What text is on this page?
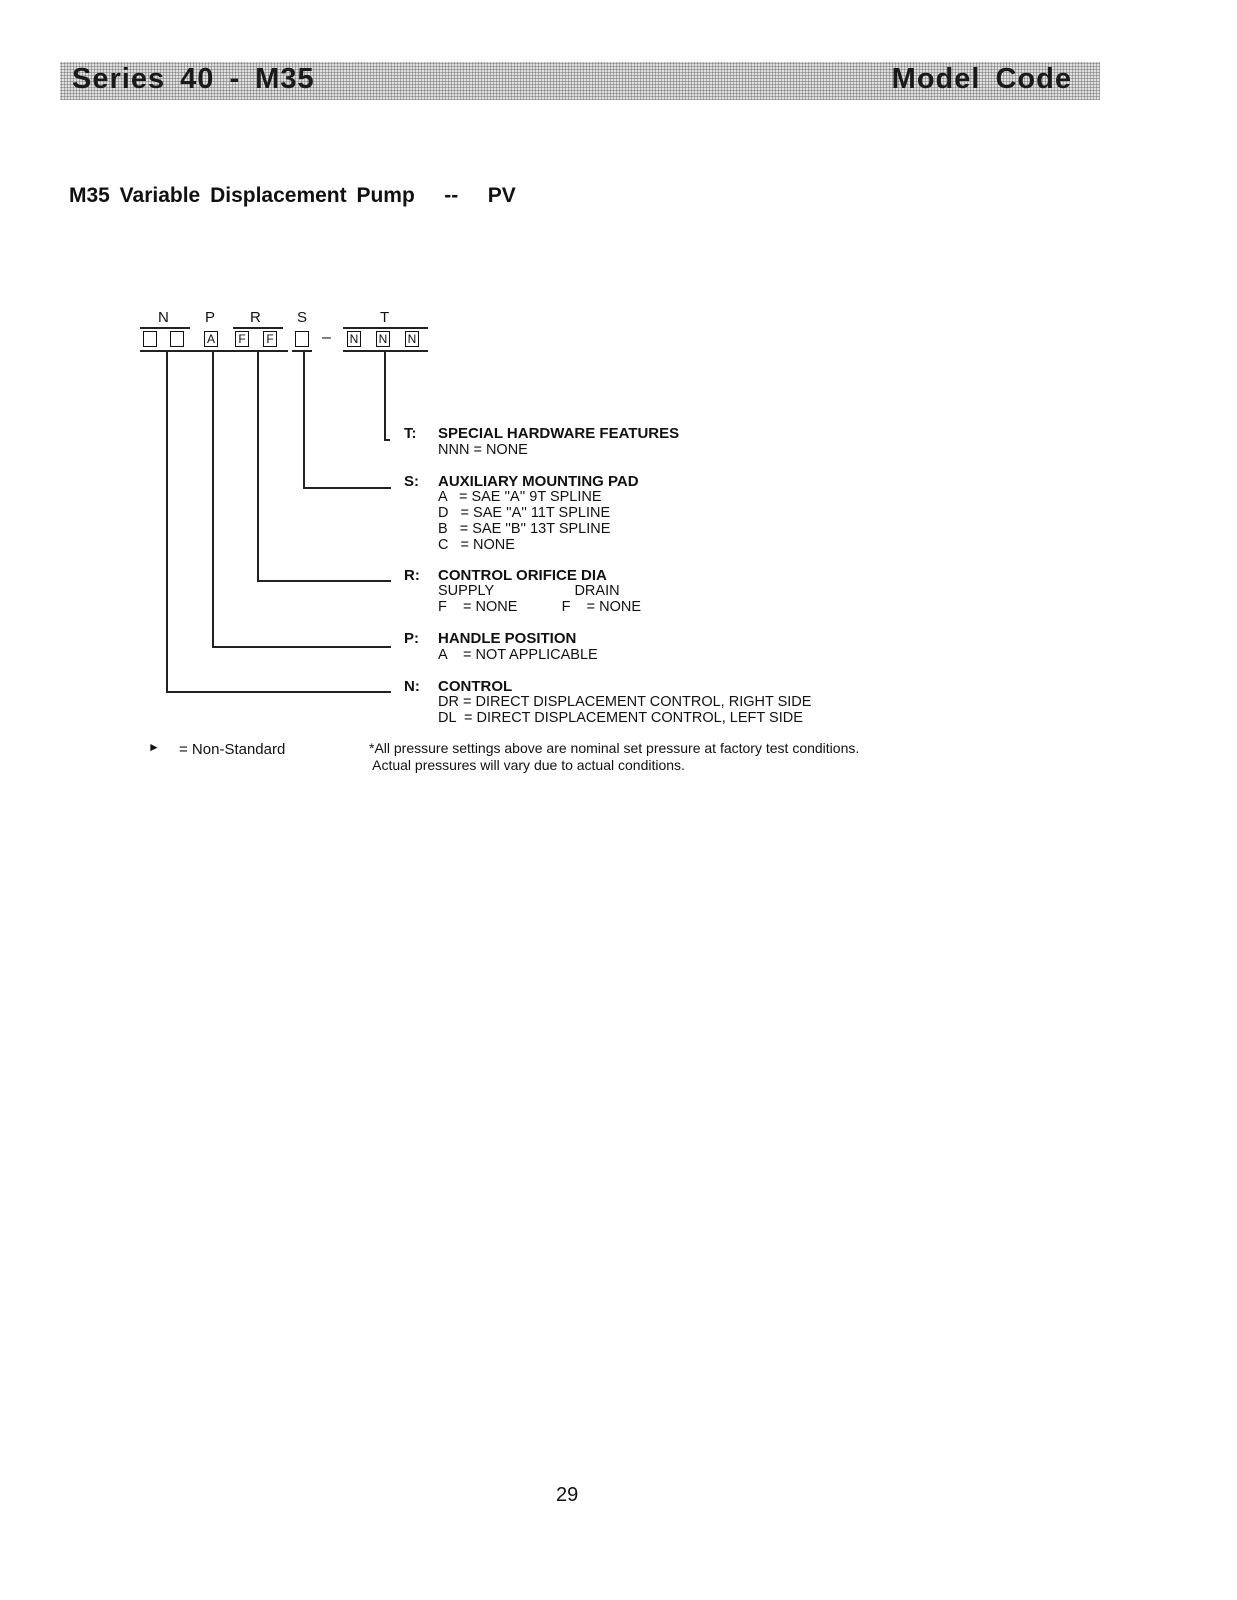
Series 40 - M35	Model Code
M35 Variable Displacement Pump   --   PV
N P R S	T
A F F	– N N N
T: SPECIAL HARDWARE FEATURES
NNN = NONE
S: AUXILIARY MOUNTING PAD
A   = SAE ''A'' 9T SPLINE
D   = SAE ''A'' 11T SPLINE
B   = SAE ''B'' 13T SPLINE
C   = NONE
R: CONTROL ORIFICE DIA
SUPPLY                    DRAIN
F    = NONE           F    = NONE
P: HANDLE POSITION
A    = NOT APPLICABLE
N: CONTROL
DR = DIRECT DISPLACEMENT CONTROL, RIGHT SIDE
DL  = DIRECT DISPLACEMENT CONTROL, LEFT SIDE
► = Non-Standard	*All pressure settings above are nominal set pressure at factory test conditions.
Actual pressures will vary due to actual conditions.
29
